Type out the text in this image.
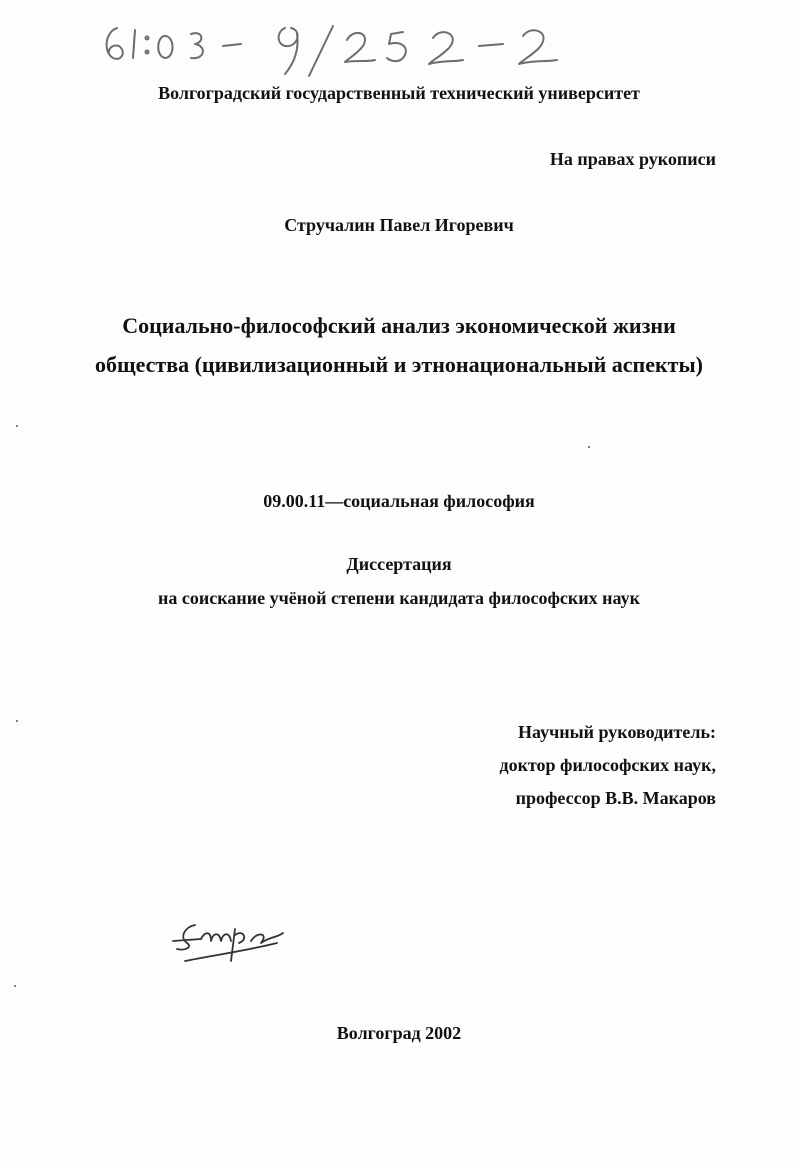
Волгоградский государственный технический университет

На правах рукописи

Стручалин Павел Игоревич

Социально-философский анализ экономической жизни

общества (цивилизационный и этнонациональный аспекты)

09.00.11—социальная философия

Диссертация

на соискание учёной степени кандидата философских наук

Научный руководитель:

доктор философских наук,

профессор В.В. Макаров

Волгоград 2002
